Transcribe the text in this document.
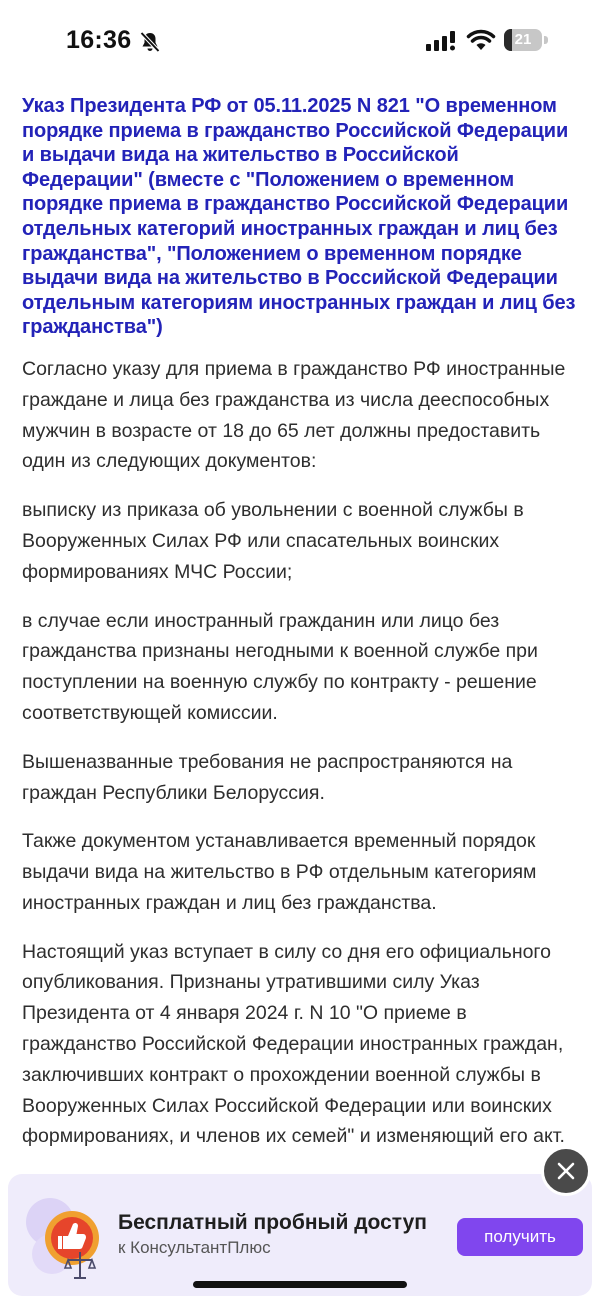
16:36	21
Указ Президента РФ от 05.11.2025 N 821 "О временном порядке приема в гражданство Российской Федерации и выдачи вида на жительство в Российской Федерации" (вместе с "Положением о временном порядке приема в гражданство Российской Федерации отдельных категорий иностранных граждан и лиц без гражданства", "Положением о временном порядке выдачи вида на жительство в Российской Федерации отдельным категориям иностранных граждан и лиц без гражданства")

Согласно указу для приема в гражданство РФ иностранные граждане и лица без гражданства из числа дееспособных мужчин в возрасте от 18 до 65 лет должны предоставить один из следующих документов:

выписку из приказа об увольнении с военной службы в Вооруженных Силах РФ или спасательных воинских формированиях МЧС России;

в случае если иностранный гражданин или лицо без гражданства признаны негодными к военной службе при поступлении на военную службу по контракту - решение соответствующей комиссии.

Вышеназванные требования не распространяются на граждан Республики Белоруссия.

Также документом устанавливается временный порядок выдачи вида на жительство в РФ отдельным категориям иностранных граждан и лиц без гражданства.

Настоящий указ вступает в силу со дня его официального опубликования. Признаны утратившими силу Указ Президента от 4 января 2024 г. N 10 "О приеме в гражданство Российской Федерации иностранных граждан, заключивших контракт о прохождении военной службы в Вооруженных Силах Российской Федерации или воинских формированиях, и членов их семей" и изменяющий его акт.

Бесплатный пробный доступ
к КонсультантПлюс
получить
